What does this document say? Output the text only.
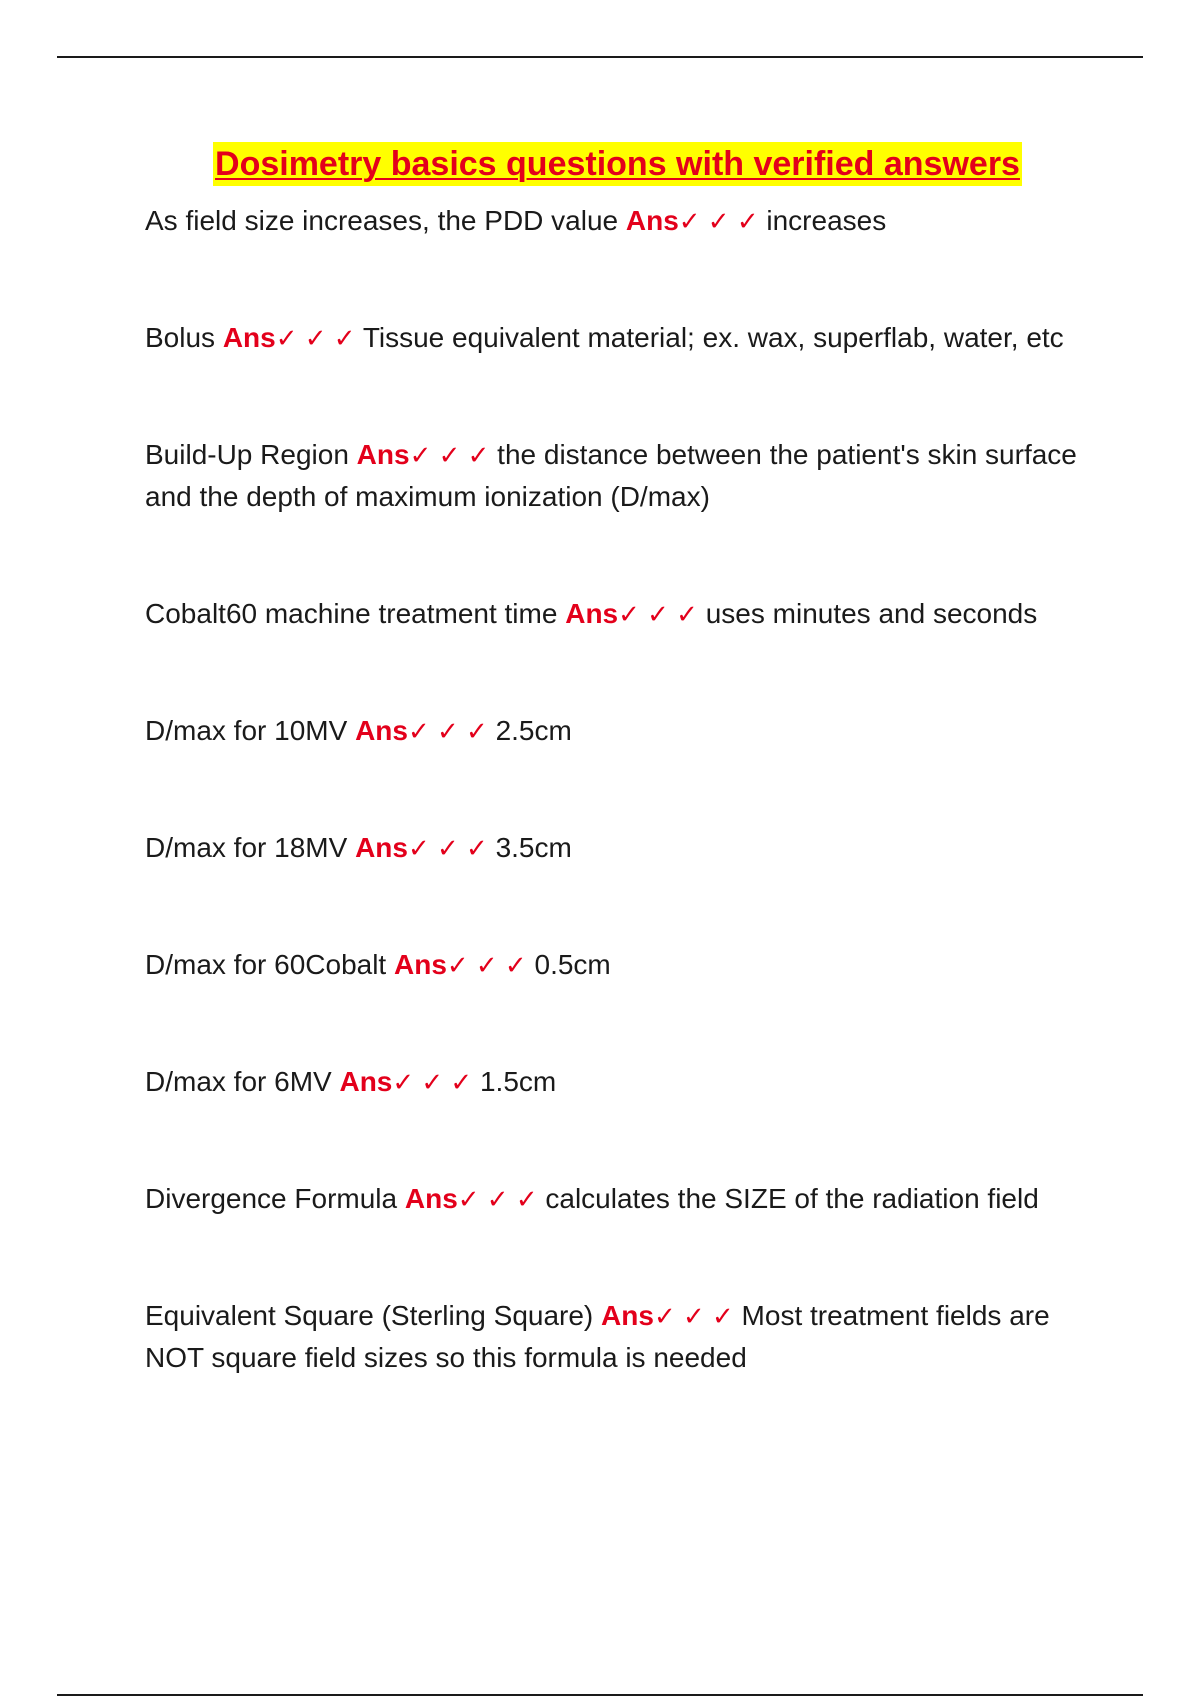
Dosimetry basics questions with verified answers
As field size increases, the PDD value Ans✓ ✓ ✓ increases
Bolus Ans✓ ✓ ✓ Tissue equivalent material; ex. wax, superflab, water, etc
Build-Up Region Ans✓ ✓ ✓ the distance between the patient's skin surface and the depth of maximum ionization (D/max)
Cobalt60 machine treatment time Ans✓ ✓ ✓ uses minutes and seconds
D/max for 10MV Ans✓ ✓ ✓ 2.5cm
D/max for 18MV Ans✓ ✓ ✓ 3.5cm
D/max for 60Cobalt Ans✓ ✓ ✓ 0.5cm
D/max for 6MV Ans✓ ✓ ✓ 1.5cm
Divergence Formula Ans✓ ✓ ✓ calculates the SIZE of the radiation field
Equivalent Square (Sterling Square) Ans✓ ✓ ✓ Most treatment fields are NOT square field sizes so this formula is needed
